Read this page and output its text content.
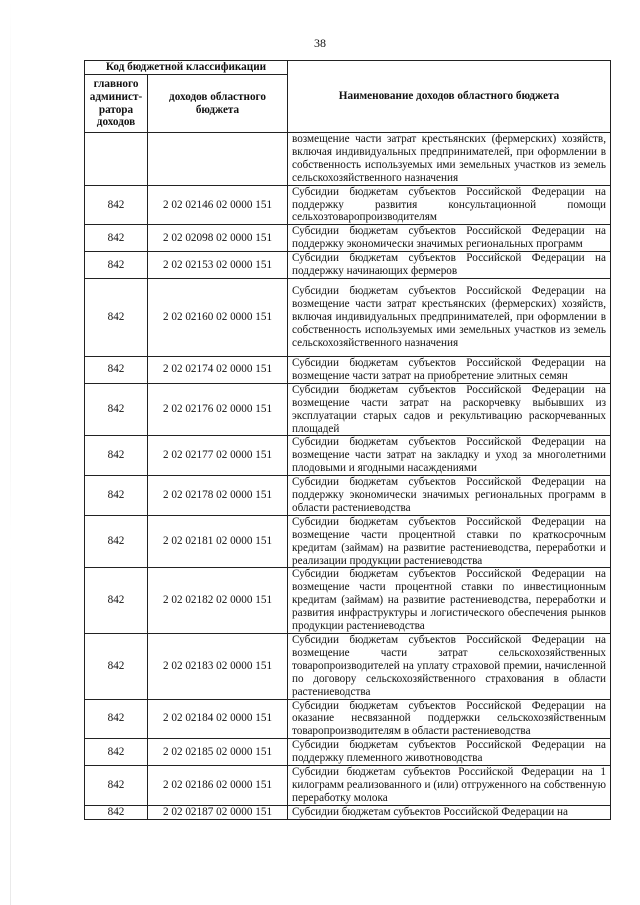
38
Код бюджетной классификации		Наименование доходов областного бюджета
главного админист-ратора доходов	доходов областного бюджета	
		возмещение части затрат крестьянских (фермерских) хозяйств, включая индивидуальных предпринимателей, при оформлении в собственность используемых ими земельных участков из земель сельскохозяйственного назначения
842	2 02 02146 02 0000 151	Субсидии бюджетам субъектов Российской Федерации на поддержку развития консультационной помощи сельхозтоваропроизводителям
842	2 02 02098 02 0000 151	Субсидии бюджетам субъектов Российской Федерации на поддержку экономически значимых региональных программ
842	2 02 02153 02 0000 151	Субсидии бюджетам субъектов Российской Федерации на поддержку начинающих фермеров
842	2 02 02160 02 0000 151	Субсидии бюджетам субъектов Российской Федерации на возмещение части затрат крестьянских (фермерских) хозяйств, включая индивидуальных предпринимателей, при оформлении в собственность используемых ими земельных участков из земель сельскохозяйственного назначения
842	2 02 02174 02 0000 151	Субсидии бюджетам субъектов Российской Федерации на возмещение части затрат на приобретение элитных семян
842	2 02 02176 02 0000 151	Субсидии бюджетам субъектов Российской Федерации на возмещение части затрат на раскорчевку выбывших из эксплуатации старых садов и рекультивацию раскорчеванных площадей
842	2 02 02177 02 0000 151	Субсидии бюджетам субъектов Российской Федерации на возмещение части затрат на закладку и уход за многолетними плодовыми и ягодными насаждениями
842	2 02 02178 02 0000 151	Субсидии бюджетам субъектов Российской Федерации на поддержку экономически значимых региональных программ в области растениеводства
842	2 02 02181 02 0000 151	Субсидии бюджетам субъектов Российской Федерации на возмещение части процентной ставки по краткосрочным кредитам (займам) на развитие растениеводства, переработки и реализации продукции растениеводства
842	2 02 02182 02 0000 151	Субсидии бюджетам субъектов Российской Федерации на возмещение части процентной ставки по инвестиционным кредитам (займам) на развитие растениеводства, переработки и развития инфраструктуры и логистического обеспечения рынков продукции растениеводства
842	2 02 02183 02 0000 151	Субсидии бюджетам субъектов Российской Федерации на возмещение части затрат сельскохозяйственных товаропроизводителей на уплату страховой премии, начисленной по договору сельскохозяйственного страхования в области растениеводства
842	2 02 02184 02 0000 151	Субсидии бюджетам субъектов Российской Федерации на оказание несвязанной поддержки сельскохозяйственным товаропроизводителям в области растениеводства
842	2 02 02185 02 0000 151	Субсидии бюджетам субъектов Российской Федерации на поддержку племенного животноводства
842	2 02 02186 02 0000 151	Субсидии бюджетам субъектов Российской Федерации на 1 килограмм реализованного и (или) отгруженного на собственную переработку молока
842	2 02 02187 02 0000 151	Субсидии бюджетам субъектов Российской Федерации на
